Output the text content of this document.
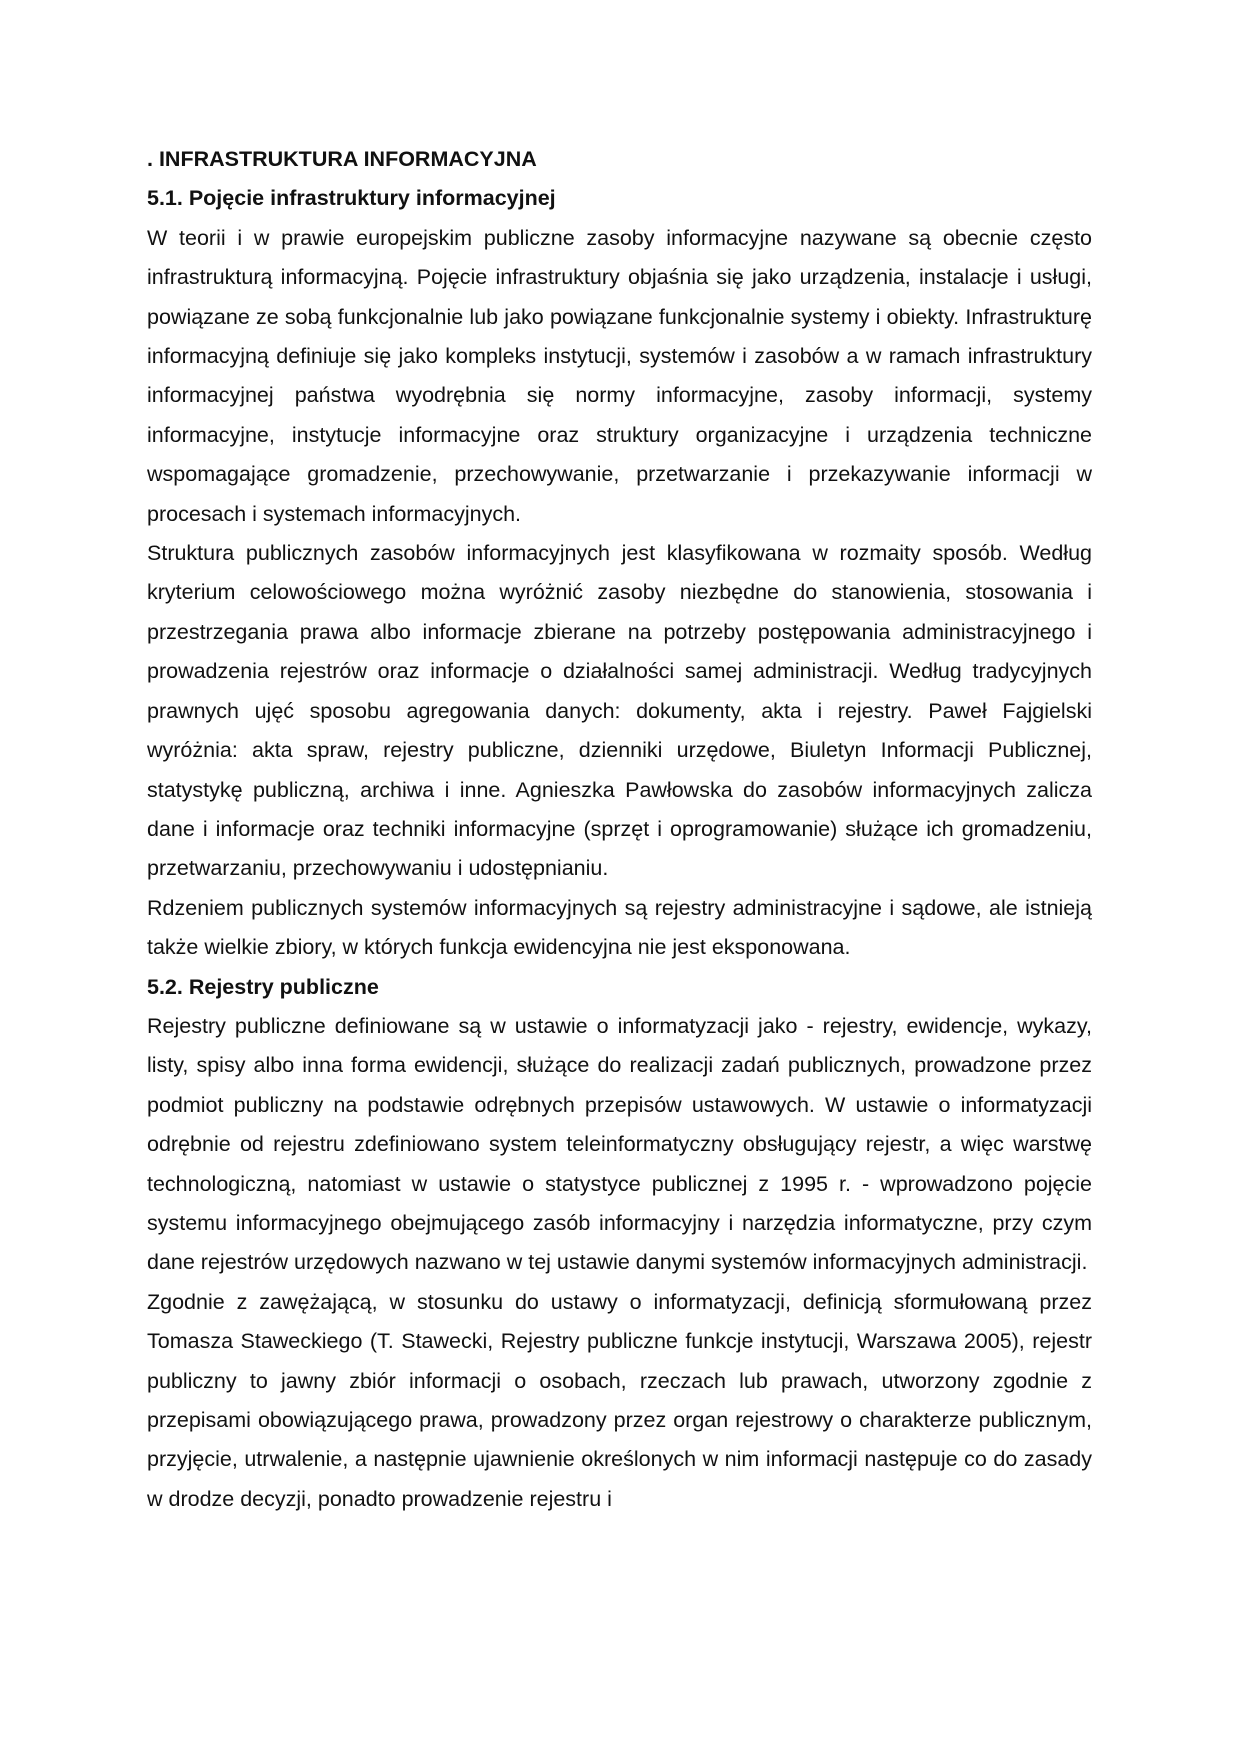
. INFRASTRUKTURA INFORMACYJNA
5.1. Pojęcie infrastruktury informacyjnej

W teorii i w prawie europejskim publiczne zasoby informacyjne nazywane są obecnie często infrastrukturą informacyjną. Pojęcie infrastruktury objaśnia się jako urządzenia, instalacje i usługi, powiązane ze sobą funkcjonalnie lub jako powiązane funkcjonalnie systemy i obiekty. Infrastrukturę informacyjną definiuje się jako kompleks instytucji, systemów i zasobów a w ramach infrastruktury informacyjnej państwa wyodrębnia się normy informacyjne, zasoby informacji, systemy informacyjne, instytucje informacyjne oraz struktury organizacyjne i urządzenia techniczne wspomagające gromadzenie, przechowywanie, przetwarzanie i przekazywanie informacji w procesach i systemach informacyjnych.

Struktura publicznych zasobów informacyjnych jest klasyfikowana w rozmaity sposób. Według kryterium celowościowego można wyróżnić zasoby niezbędne do stanowienia, stosowania i przestrzegania prawa albo informacje zbierane na potrzeby postępowania administracyjnego i prowadzenia rejestrów oraz informacje o działalności samej administracji. Według tradycyjnych prawnych ujęć sposobu agregowania danych: dokumenty, akta i rejestry. Paweł Fajgielski wyróżnia: akta spraw, rejestry publiczne, dzienniki urzędowe, Biuletyn Informacji Publicznej, statystykę publiczną, archiwa i inne. Agnieszka Pawłowska do zasobów informacyjnych zalicza dane i informacje oraz techniki informacyjne (sprzęt i oprogramowanie) służące ich gromadzeniu, przetwarzaniu, przechowywaniu i udostępnianiu.

Rdzeniem publicznych systemów informacyjnych są rejestry administracyjne i sądowe, ale istnieją także wielkie zbiory, w których funkcja ewidencyjna nie jest eksponowana.

5.2. Rejestry publiczne

Rejestry publiczne definiowane są w ustawie o informatyzacji jako - rejestry, ewidencje, wykazy, listy, spisy albo inna forma ewidencji, służące do realizacji zadań publicznych, prowadzone przez podmiot publiczny na podstawie odrębnych przepisów ustawowych. W ustawie o informatyzacji odrębnie od rejestru zdefiniowano system teleinformatyczny obsługujący rejestr, a więc warstwę technologiczną, natomiast w ustawie o statystyce publicznej z 1995 r. - wprowadzono pojęcie systemu informacyjnego obejmującego zasób informacyjny i narzędzia informatyczne, przy czym dane rejestrów urzędowych nazwano w tej ustawie danymi systemów informacyjnych administracji.

Zgodnie z zawężającą, w stosunku do ustawy o informatyzacji, definicją sformułowaną przez Tomasza Staweckiego (T. Stawecki, Rejestry publiczne funkcje instytucji, Warszawa 2005), rejestr publiczny to jawny zbiór informacji o osobach, rzeczach lub prawach, utworzony zgodnie z przepisami obowiązującego prawa, prowadzony przez organ rejestrowy o charakterze publicznym, przyjęcie, utrwalenie, a następnie ujawnienie określonych w nim informacji następuje co do zasady w drodze decyzji, ponadto prowadzenie rejestru i
